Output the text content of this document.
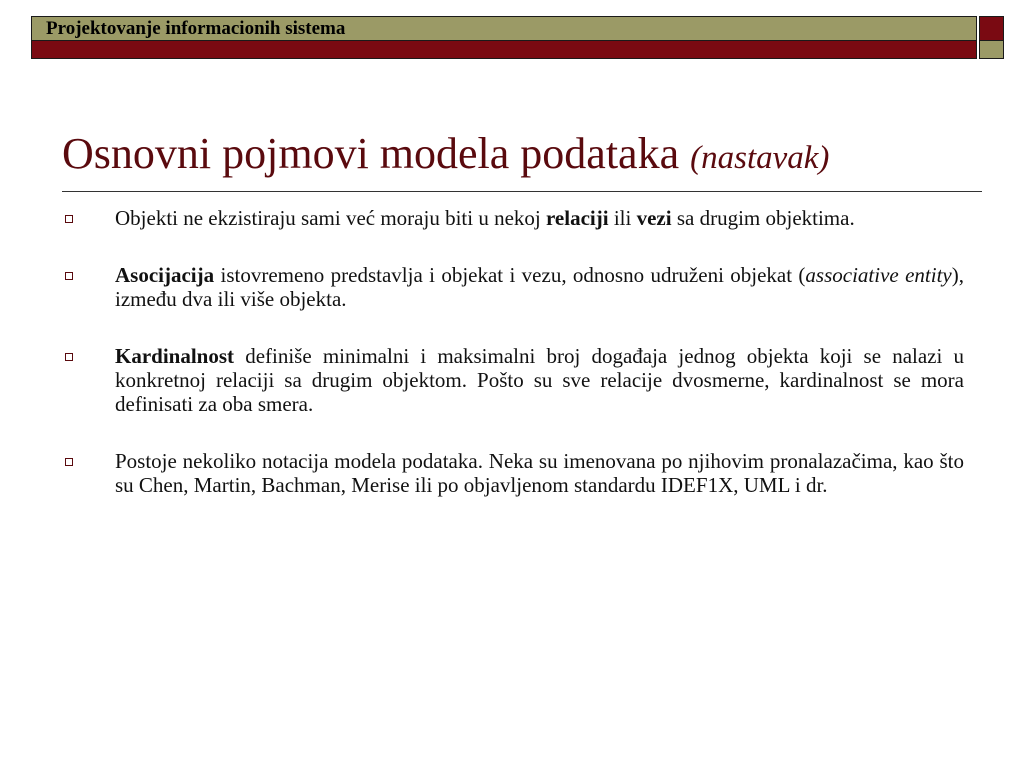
Projektovanje informacionih sistema
Osnovni pojmovi modela podataka (nastavak)
Objekti ne ekzistiraju sami već moraju biti u nekoj relaciji ili vezi sa drugim objektima.
Asocijacija istovremeno predstavlja i objekat i vezu, odnosno udruženi objekat (associative entity), između dva ili više objekta.
Kardinalnost definiše minimalni i maksimalni broj događaja jednog objekta koji se nalazi u konkretnoj relaciji sa drugim objektom. Pošto su sve relacije dvosmerne, kardinalnost se mora definisati za oba smera.
Postoje nekoliko notacija modela podataka. Neka su imenovana po njihovim pronalazačima, kao što su Chen, Martin, Bachman, Merise ili po objavljenom standardu IDEF1X, UML i dr.
